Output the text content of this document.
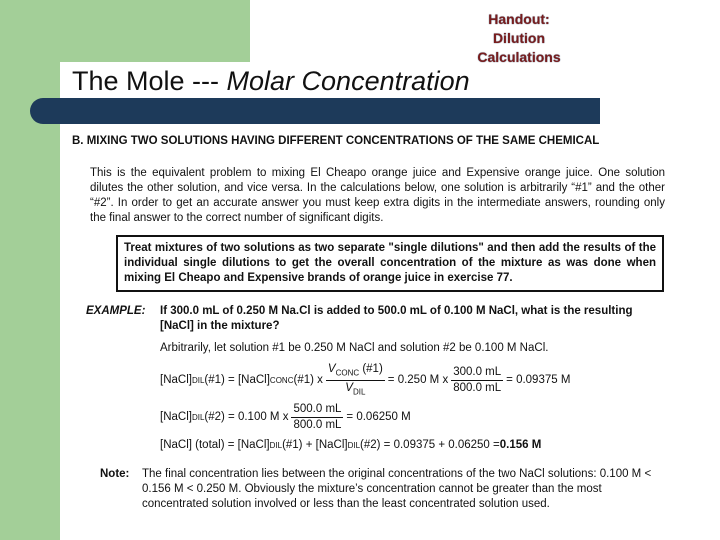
Handout:
Dilution
Calculations
The Mole --- Molar Concentration
B. MIXING TWO SOLUTIONS HAVING DIFFERENT CONCENTRATIONS OF THE SAME CHEMICAL
This is the equivalent problem to mixing El Cheapo orange juice and Expensive orange juice. One solution dilutes the other solution, and vice versa. In the calculations below, one solution is arbitrarily “#1” and the other “#2”. In order to get an accurate answer you must keep extra digits in the intermediate answers, rounding only the final answer to the correct number of significant digits.
Treat mixtures of two solutions as two separate "single dilutions" and then add the results of the individual single dilutions to get the overall concentration of the mixture as was done when mixing El Cheapo and Expensive brands of orange juice in exercise 77.
EXAMPLE: If 300.0 mL of 0.250 M Na.Cl is added to 500.0 mL of 0.100 M NaCl, what is the resulting [NaCl] in the mixture?
Arbitrarily, let solution #1 be 0.250 M NaCl and solution #2 be 0.100 M NaCl.
[NaCl] DIL (#1) = [NaCl] CONC (#1) x $\frac{V_{CONC} (\#1)}{V_{DIL}} = 0.250$ M x $\frac{300.0 mL}{800.0 mL} = 0.09375$ M
[NaCl] DIL (#2) = 0.100 M x $\frac{500.0 mL}{800.0 mL} = 0.06250$ M
[NaCl] (total) = [NaCl] DIL (#1) + [NaCl] DIL (#2) = 0.09375 + 0.06250 = 0.156 M
Note: The final concentration lies between the original concentrations of the two NaCl solutions: 0.100 M < 0.156 M < 0.250 M. Obviously the mixture’s concentration cannot be greater than the most concentrated solution involved or less than the least concentrated solution used.
